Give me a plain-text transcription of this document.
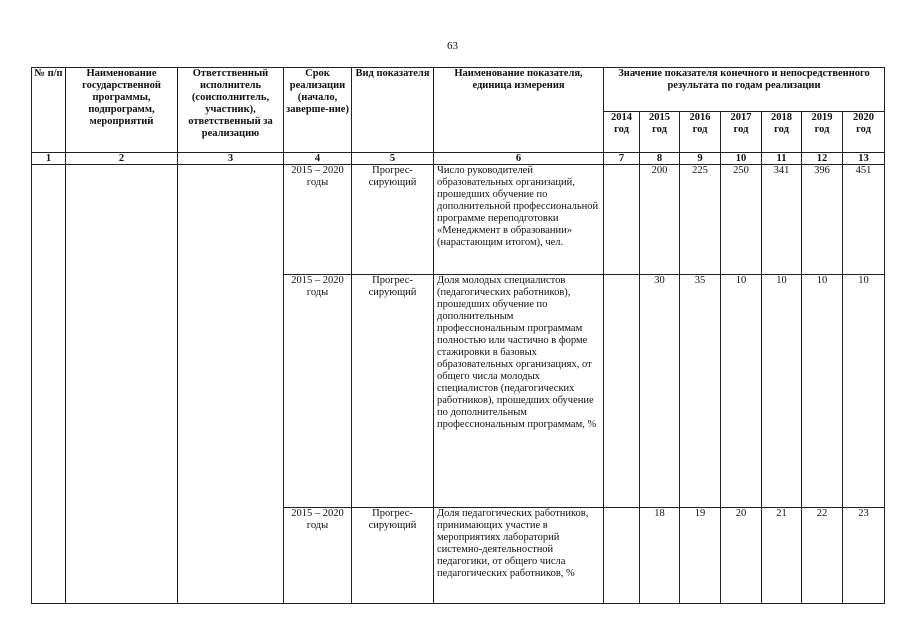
63
№ п/п	Наименование государственной программы, подпрограмм, мероприятий	Ответственный исполнитель (соисполнитель, участник), ответственный за реализацию	Срок реализации (начало, заверше-ние)	Вид показателя	Наименование показателя, единица измерения	Значение показателя конечного и непосредственного результата по годам реализации						
						2014 год	2015 год	2016 год	2017 год	2018 год	2019 год	2020 год
1	2	3	4	5	6	7	8	9	10	11	12	13
			2015 – 2020 годы	Прогрес-сирующий	Число руководителей образовательных организаций, прошедших обучение по дополнительной профессиональной программе переподготовки «Менеджмент в образовании» (нарастающим итогом), чел.		200	225	250	341	396	451
			2015 – 2020 годы	Прогрес-сирующий	Доля молодых специалистов (педагогических работников), прошедших обучение по дополнительным профессиональным программам полностью или частично в форме стажировки в базовых образовательных организациях, от общего числа молодых специалистов (педагогических работников), прошедших обучение по дополнительным профессиональным программам, %		30	35	10	10	10	10
			2015 – 2020 годы	Прогрес-сирующий	Доля педагогических работников, принимающих участие в мероприятиях лабораторий системно-деятельностной педагогики, от общего числа педагогических работников, %		18	19	20	21	22	23
